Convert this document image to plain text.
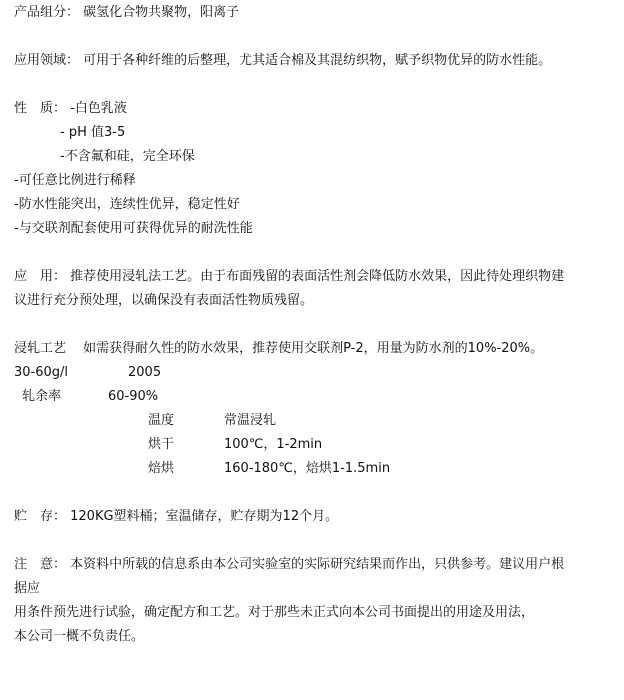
产品组分： 碳氢化合物共聚物，阳离子
应用领域： 可用于各种纤维的后整理，尤其适合棉及其混纺织物，赋予织物优异的防水性能。
性　质： -白色乳液
- pH 值3-5
-不含氟和硅，完全环保
-可任意比例进行稀释
-防水性能突出，连续性优异，稳定性好
-与交联剂配套使用可获得优异的耐洗性能
应　用： 推荐使用浸轧法工艺。由于布面残留的表面活性剂会降低防水效果，因此待处理织物建
议进行充分预处理，以确保没有表面活性物质残留。
浸轧工艺　 如需获得耐久性的防水效果，推荐使用交联剂P-2，用量为防水剂的10%-20%。
30-60g/l	2005
轧余率	60-90%
温度	常温浸轧
烘干	100℃，1-2min
焙烘	160-180℃，焙烘1-1.5min
贮　存： 120KG塑料桶；室温储存，贮存期为12个月。
注　意： 本资料中所载的信息系由本公司实验室的实际研究结果而作出，只供参考。建议用户根
据应
用条件预先进行试验，确定配方和工艺。对于那些未正式向本公司书面提出的用途及用法，
本公司一概不负责任。
